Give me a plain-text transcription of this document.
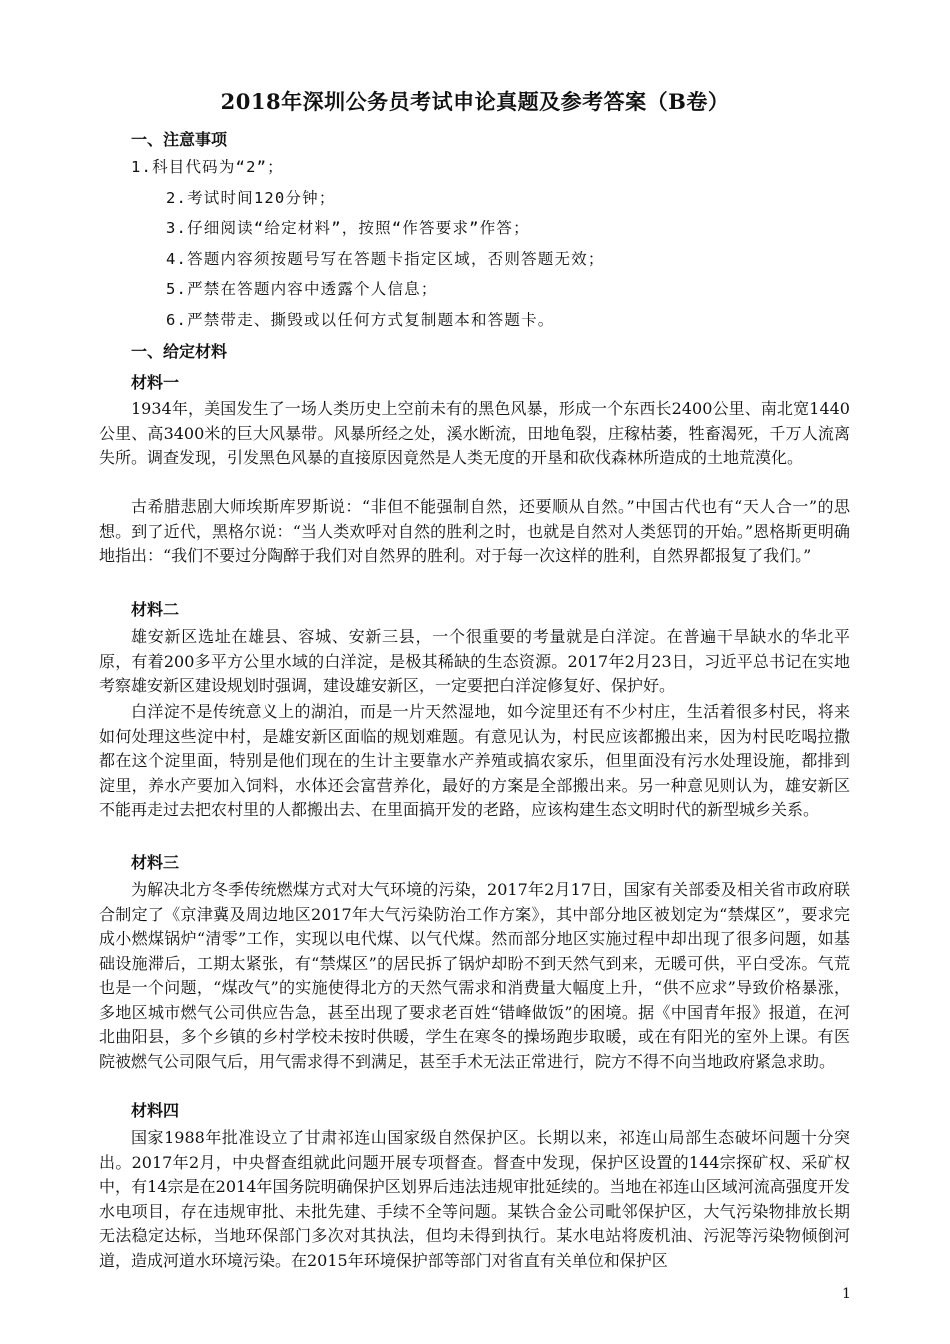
2018年深圳公务员考试申论真题及参考答案（B卷）
一、注意事项
1.科目代码为“2”；
2.考试时间120分钟；
3.仔细阅读“给定材料”，按照“作答要求”作答；
4.答题内容须按题号写在答题卡指定区域，否则答题无效；
5.严禁在答题内容中透露个人信息；
6.严禁带走、撕毁或以任何方式复制题本和答题卡。
一、给定材料
材料一

1934年，美国发生了一场人类历史上空前未有的黑色风暴，形成一个东西长2400公里、南北宽1440公里、高3400米的巨大风暴带。风暴所经之处，溪水断流，田地龟裂，庄稼枯萎，牲畜渴死，千万人流离失所。调查发现，引发黑色风暴的直接原因竟然是人类无度的开垦和砍伐森林所造成的土地荒漠化。

古希腊悲剧大师埃斯库罗斯说：“非但不能强制自然，还要顺从自然。”中国古代也有“天人合一”的思想。到了近代，黑格尔说：“当人类欢呼对自然的胜利之时，也就是自然对人类惩罚的开始。”恩格斯更明确地指出：“我们不要过分陶醉于我们对自然界的胜利。对于每一次这样的胜利，自然界都报复了我们。”

材料二

雄安新区选址在雄县、容城、安新三县，一个很重要的考量就是白洋淀。在普遍干旱缺水的华北平原，有着200多平方公里水域的白洋淀，是极其稀缺的生态资源。2017年2月23日，习近平总书记在实地考察雄安新区建设规划时强调，建设雄安新区，一定要把白洋淀修复好、保护好。

白洋淀不是传统意义上的湖泊，而是一片天然湿地，如今淀里还有不少村庄，生活着很多村民，将来如何处理这些淀中村，是雄安新区面临的规划难题。有意见认为，村民应该都搬出来，因为村民吃喝拉撒都在这个淀里面，特别是他们现在的生计主要靠水产养殖或搞农家乐，但里面没有污水处理设施，都排到淀里，养水产要加入饲料，水体还会富营养化，最好的方案是全部搬出来。另一种意见则认为，雄安新区不能再走过去把农村里的人都搬出去、在里面搞开发的老路，应该构建生态文明时代的新型城乡关系。

材料三

为解决北方冬季传统燃煤方式对大气环境的污染，2017年2月17日，国家有关部委及相关省市政府联合制定了《京津冀及周边地区2017年大气污染防治工作方案》，其中部分地区被划定为“禁煤区”，要求完成小燃煤锅炉“清零”工作，实现以电代煤、以气代煤。然而部分地区实施过程中却出现了很多问题，如基础设施滞后，工期太紧张，有“禁煤区”的居民拆了锅炉却盼不到天然气到来，无暖可供，平白受冻。气荒也是一个问题，“煤改气”的实施使得北方的天然气需求和消费量大幅度上升，“供不应求”导致价格暴涨，多地区城市燃气公司供应告急，甚至出现了要求老百姓“错峰做饭”的困境。据《中国青年报》报道，在河北曲阳县，多个乡镇的乡村学校未按时供暖，学生在寒冬的操场跑步取暖，或在有阳光的室外上课。有医院被燃气公司限气后，用气需求得不到满足，甚至手术无法正常进行，院方不得不向当地政府紧急求助。

材料四

国家1988年批准设立了甘肃祁连山国家级自然保护区。长期以来，祁连山局部生态破坏问题十分突出。2017年2月，中央督查组就此问题开展专项督查。督查中发现，保护区设置的144宗探矿权、采矿权中，有14宗是在2014年国务院明确保护区划界后违法违规审批延续的。当地在祁连山区域河流高强度开发水电项目，存在违规审批、未批先建、手续不全等问题。某铁合金公司毗邻保护区，大气污染物排放长期无法稳定达标，当地环保部门多次对其执法，但均未得到执行。某水电站将废机油、污泥等污染物倾倒河道，造成河道水环境污染。在2015年环境保护部等部门对省直有关单位和保护区

1
